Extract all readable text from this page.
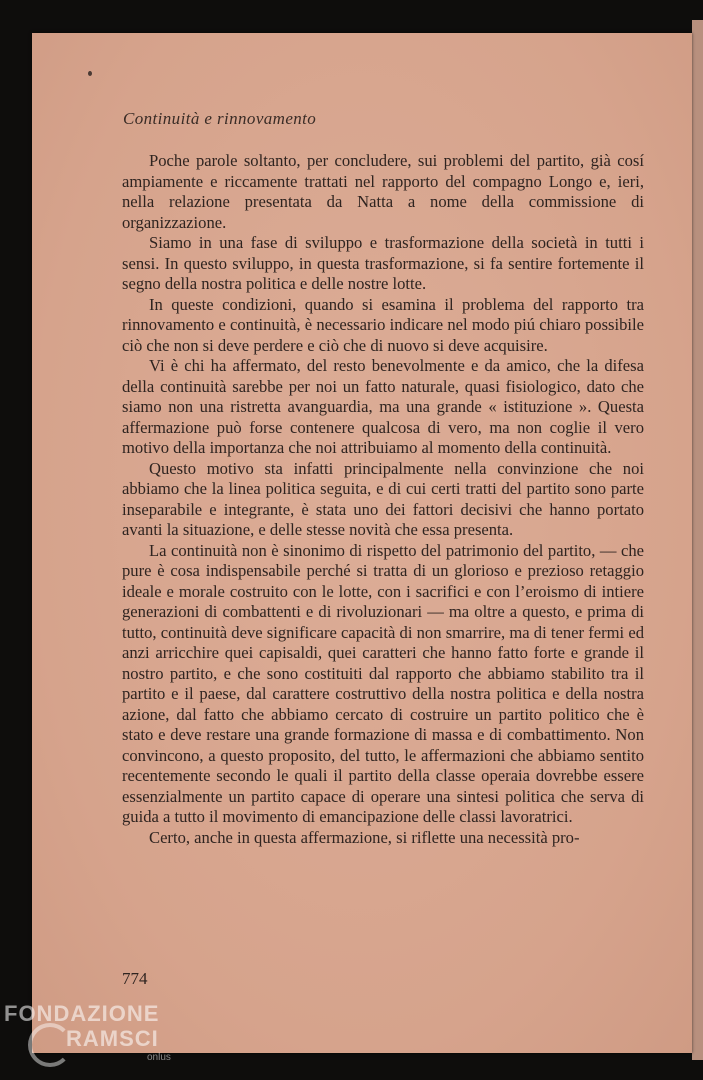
Continuità e rinnovamento

Poche parole soltanto, per concludere, sui problemi del partito, già cosí ampiamente e riccamente trattati nel rapporto del compagno Longo e, ieri, nella relazione presentata da Natta a nome della commissione di organizzazione.

Siamo in una fase di sviluppo e trasformazione della società in tutti i sensi. In questo sviluppo, in questa trasformazione, si fa sentire fortemente il segno della nostra politica e delle nostre lotte.

In queste condizioni, quando si esamina il problema del rapporto tra rinnovamento e continuità, è necessario indicare nel modo piú chiaro possibile ciò che non si deve perdere e ciò che di nuovo si deve acquisire.

Vi è chi ha affermato, del resto benevolmente e da amico, che la difesa della continuità sarebbe per noi un fatto naturale, quasi fisiologico, dato che siamo non una ristretta avanguardia, ma una grande « istituzione ». Questa affermazione può forse contenere qualcosa di vero, ma non coglie il vero motivo della importanza che noi attribuiamo al momento della continuità.

Questo motivo sta infatti principalmente nella convinzione che noi abbiamo che la linea politica seguita, e di cui certi tratti del partito sono parte inseparabile e integrante, è stata uno dei fattori decisivi che hanno portato avanti la situazione, e delle stesse novità che essa presenta.

La continuità non è sinonimo di rispetto del patrimonio del partito, — che pure è cosa indispensabile perché si tratta di un glorioso e prezioso retaggio ideale e morale costruito con le lotte, con i sacrifici e con l’eroismo di intiere generazioni di combattenti e di rivoluzionari — ma oltre a questo, e prima di tutto, continuità deve significare capacità di non smarrire, ma di tener fermi ed anzi arricchire quei capisaldi, quei caratteri che hanno fatto forte e grande il nostro partito, e che sono costituiti dal rapporto che abbiamo stabilito tra il partito e il paese, dal carattere costruttivo della nostra politica e della nostra azione, dal fatto che abbiamo cercato di costruire un partito politico che è stato e deve restare una grande formazione di massa e di combattimento. Non convincono, a questo proposito, del tutto, le affermazioni che abbiamo sentito recentemente secondo le quali il partito della classe operaia dovrebbe essere essenzialmente un partito capace di operare una sintesi politica che serva di guida a tutto il movimento di emancipazione delle classi lavoratrici.

Certo, anche in questa affermazione, si riflette una necessità pro-

774
FONDAZIONE
RAMSCI
onlus
